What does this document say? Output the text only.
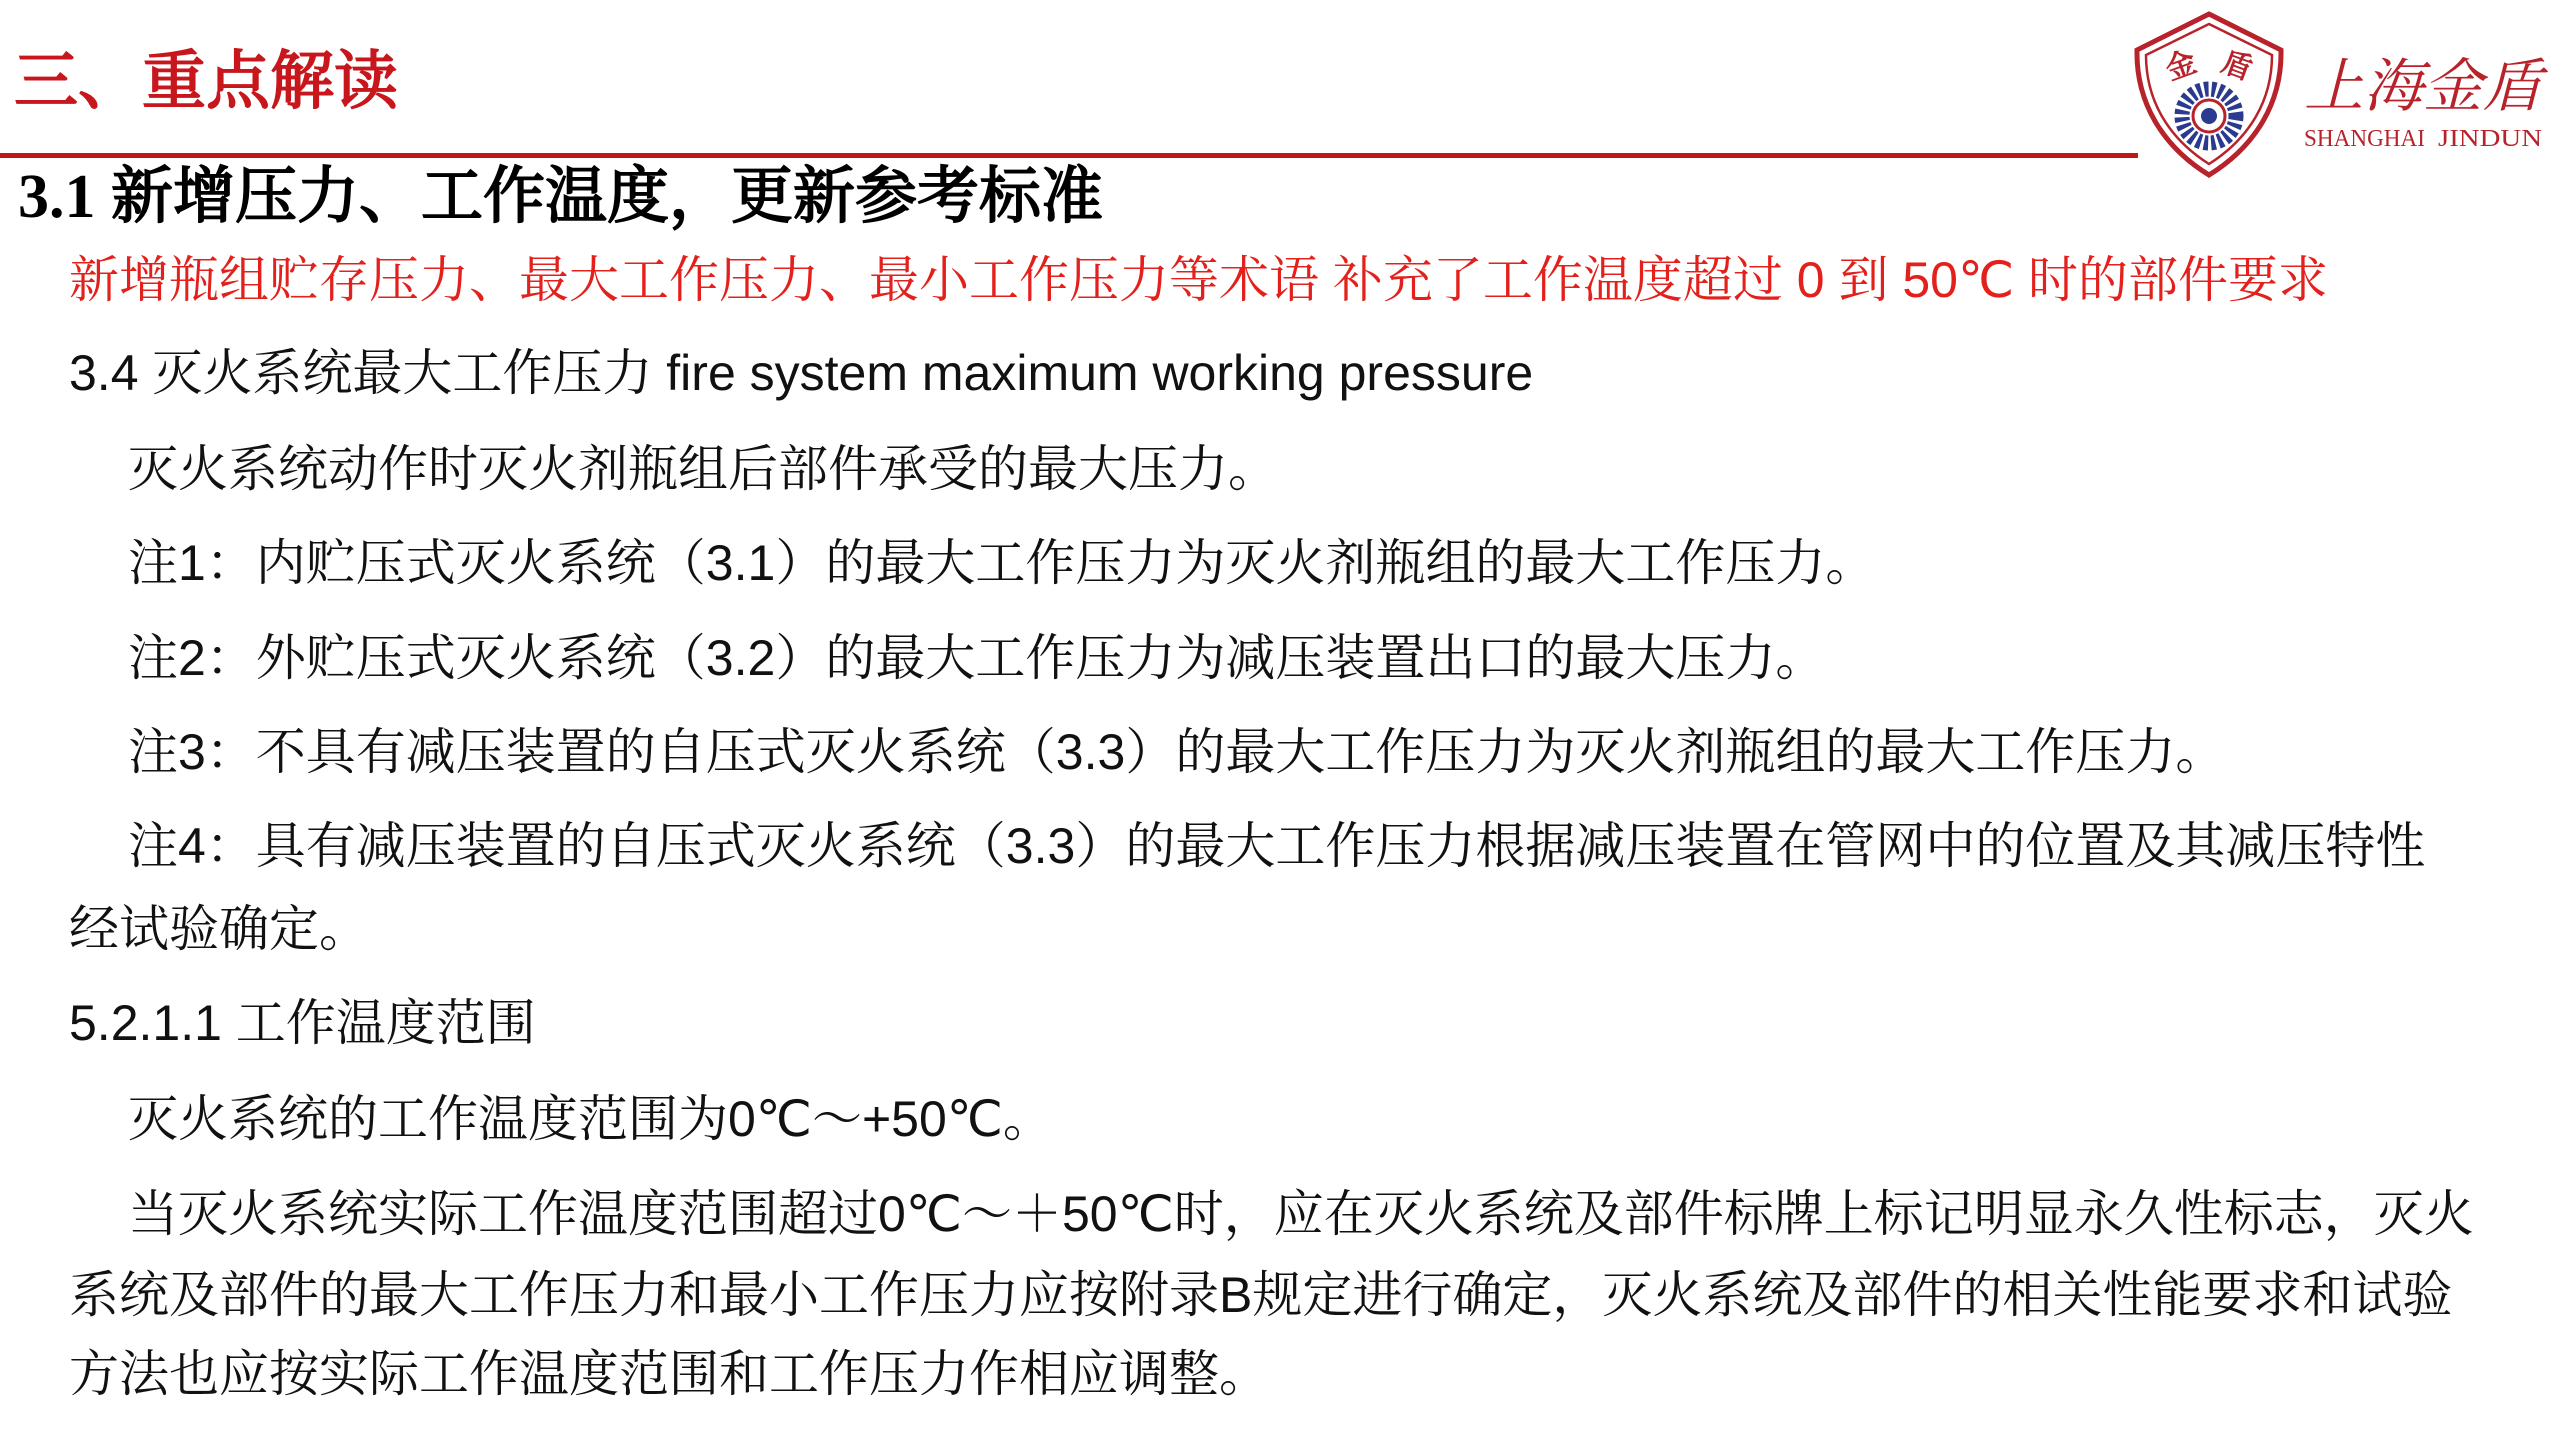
三、重点解读	金 盾 上海金盾
SHANGHAI JINDUN
3.1 新增压力、工作温度，更新参考标准
新增瓶组贮存压力、最大工作压力、最小工作压力等术语 补充了工作温度超过 0 到 50℃ 时的部件要求
3.4 灭火系统最大工作压力 fire system maximum working pressure
灭火系统动作时灭火剂瓶组后部件承受的最大压力。
注1：内贮压式灭火系统（3.1）的最大工作压力为灭火剂瓶组的最大工作压力。
注2：外贮压式灭火系统（3.2）的最大工作压力为减压装置出口的最大压力。
注3：不具有减压装置的自压式灭火系统（3.3）的最大工作压力为灭火剂瓶组的最大工作压力。
注4：具有减压装置的自压式灭火系统（3.3）的最大工作压力根据减压装置在管网中的位置及其减压特性
经试验确定。
5.2.1.1 工作温度范围
灭火系统的工作温度范围为0℃～+50℃。
当灭火系统实际工作温度范围超过0℃～＋50℃时，应在灭火系统及部件标牌上标记明显永久性标志，灭火
系统及部件的最大工作压力和最小工作压力应按附录B规定进行确定，灭火系统及部件的相关性能要求和试验
方法也应按实际工作温度范围和工作压力作相应调整。
